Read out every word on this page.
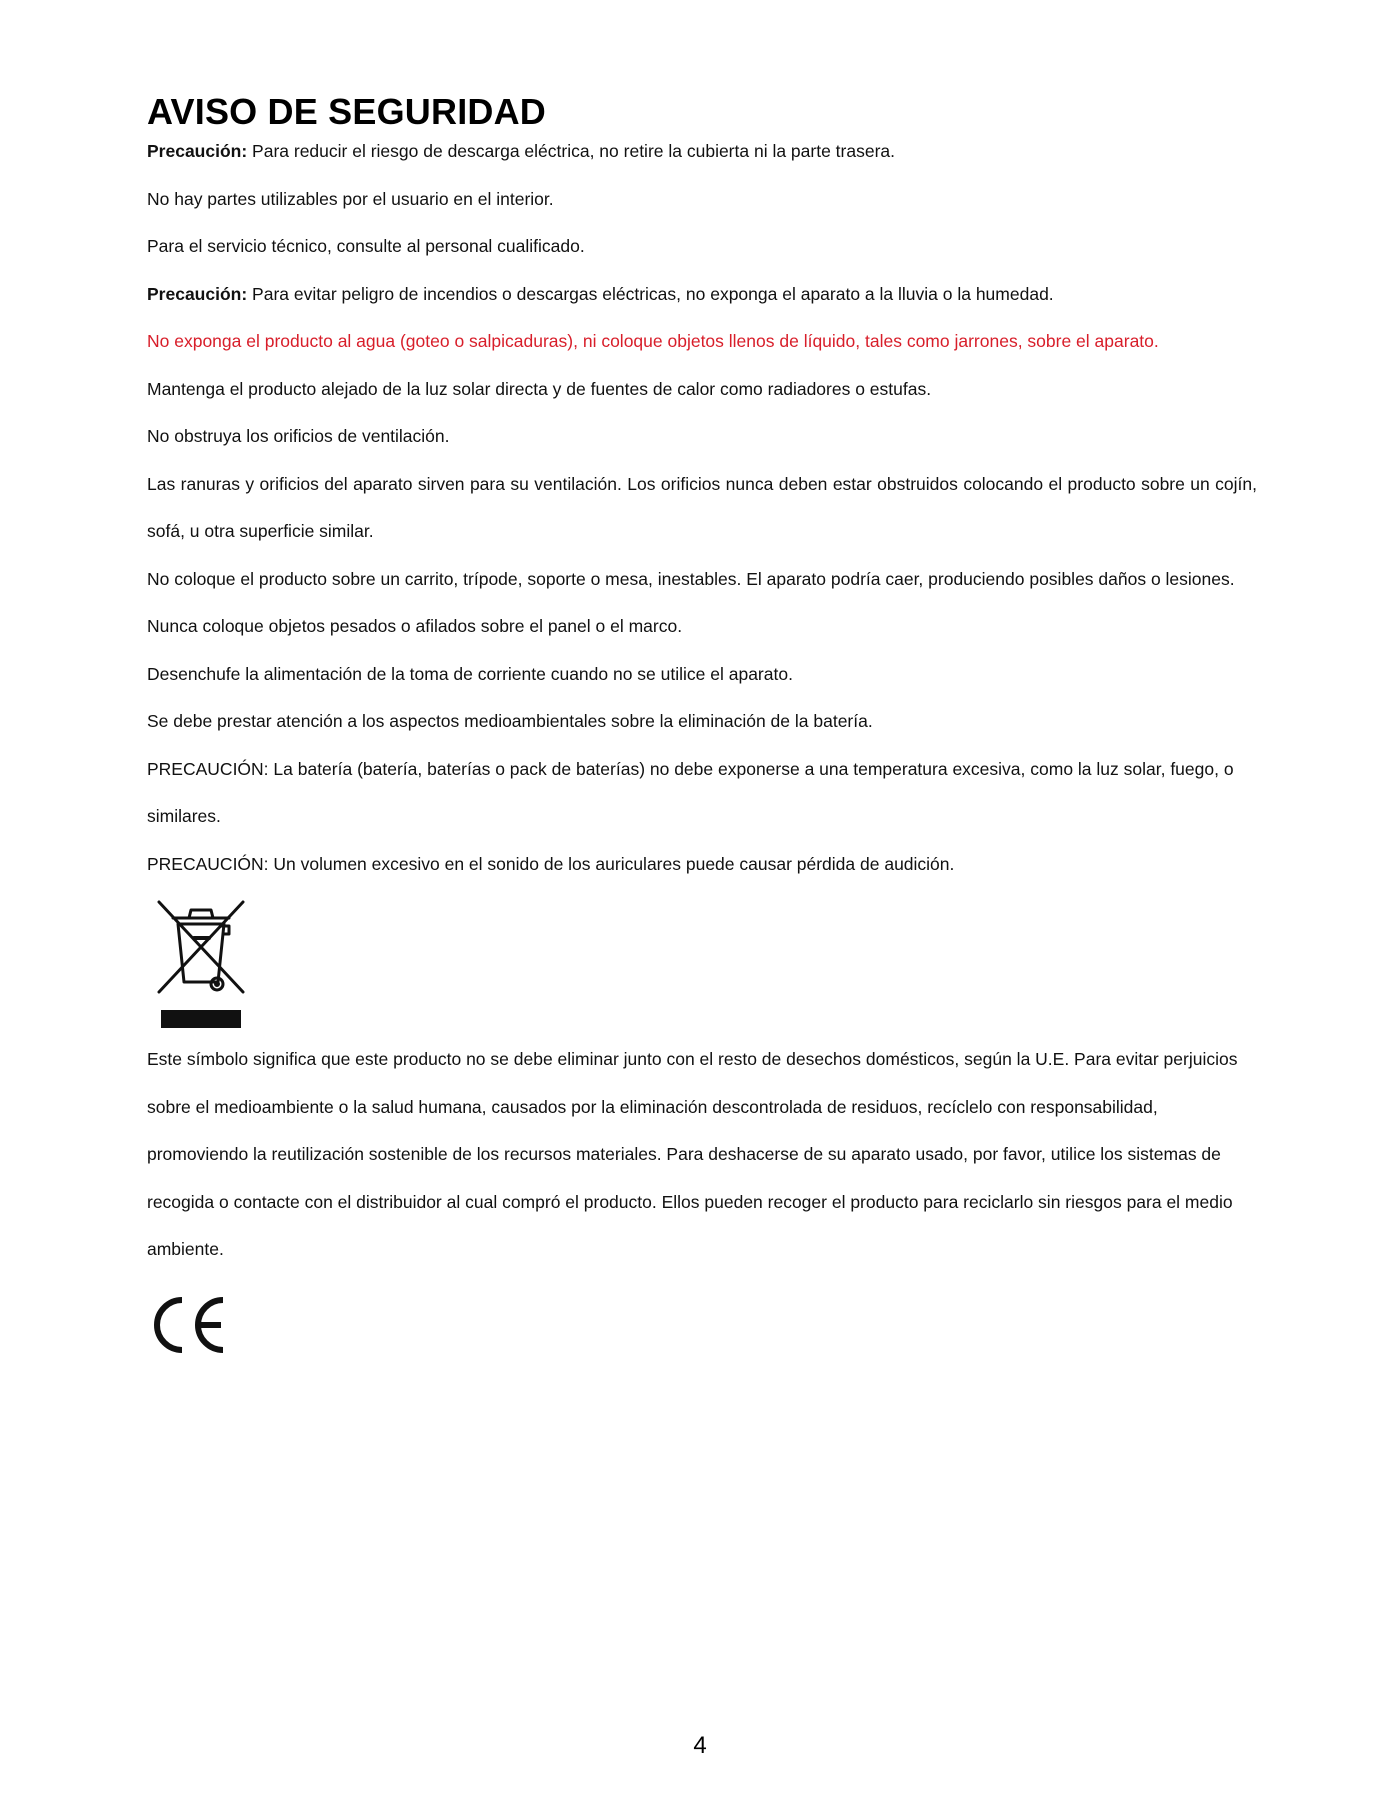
AVISO DE SEGURIDAD

Precaución: Para reducir el riesgo de descarga eléctrica, no retire la cubierta ni la parte trasera.

No hay partes utilizables por el usuario en el interior.

Para el servicio técnico, consulte al personal cualificado.

Precaución: Para evitar peligro de incendios o descargas eléctricas, no exponga el aparato a la lluvia o la humedad.

No exponga el producto al agua (goteo o salpicaduras), ni coloque objetos llenos de líquido, tales como jarrones, sobre el aparato.

Mantenga el producto alejado de la luz solar directa y de fuentes de calor como radiadores o estufas.

No obstruya los orificios de ventilación.

Las ranuras y orificios del aparato sirven para su ventilación. Los orificios nunca deben estar obstruidos colocando el producto sobre un cojín, sofá, u otra superficie similar.

No coloque el producto sobre un carrito, trípode, soporte o mesa, inestables. El aparato podría caer, produciendo posibles daños o lesiones.

Nunca coloque objetos pesados o afilados sobre el panel o el marco.

Desenchufe la alimentación de la toma de corriente cuando no se utilice el aparato.

Se debe prestar atención a los aspectos medioambientales sobre la eliminación de la batería.

PRECAUCIÓN: La batería (batería, baterías o pack de baterías) no debe exponerse a una temperatura excesiva, como la luz solar, fuego, o similares.

PRECAUCIÓN: Un volumen excesivo en el sonido de los auriculares puede causar pérdida de audición.

Este símbolo significa que este producto no se debe eliminar junto con el resto de desechos domésticos, según la U.E. Para evitar perjuicios sobre el medioambiente o la salud humana, causados por la eliminación descontrolada de residuos, recíclelo con responsabilidad, promoviendo la reutilización sostenible de los recursos materiales. Para deshacerse de su aparato usado, por favor, utilice los sistemas de recogida o contacte con el distribuidor al cual compró el producto. Ellos pueden recoger el producto para reciclarlo sin riesgos para el medio ambiente.

4
